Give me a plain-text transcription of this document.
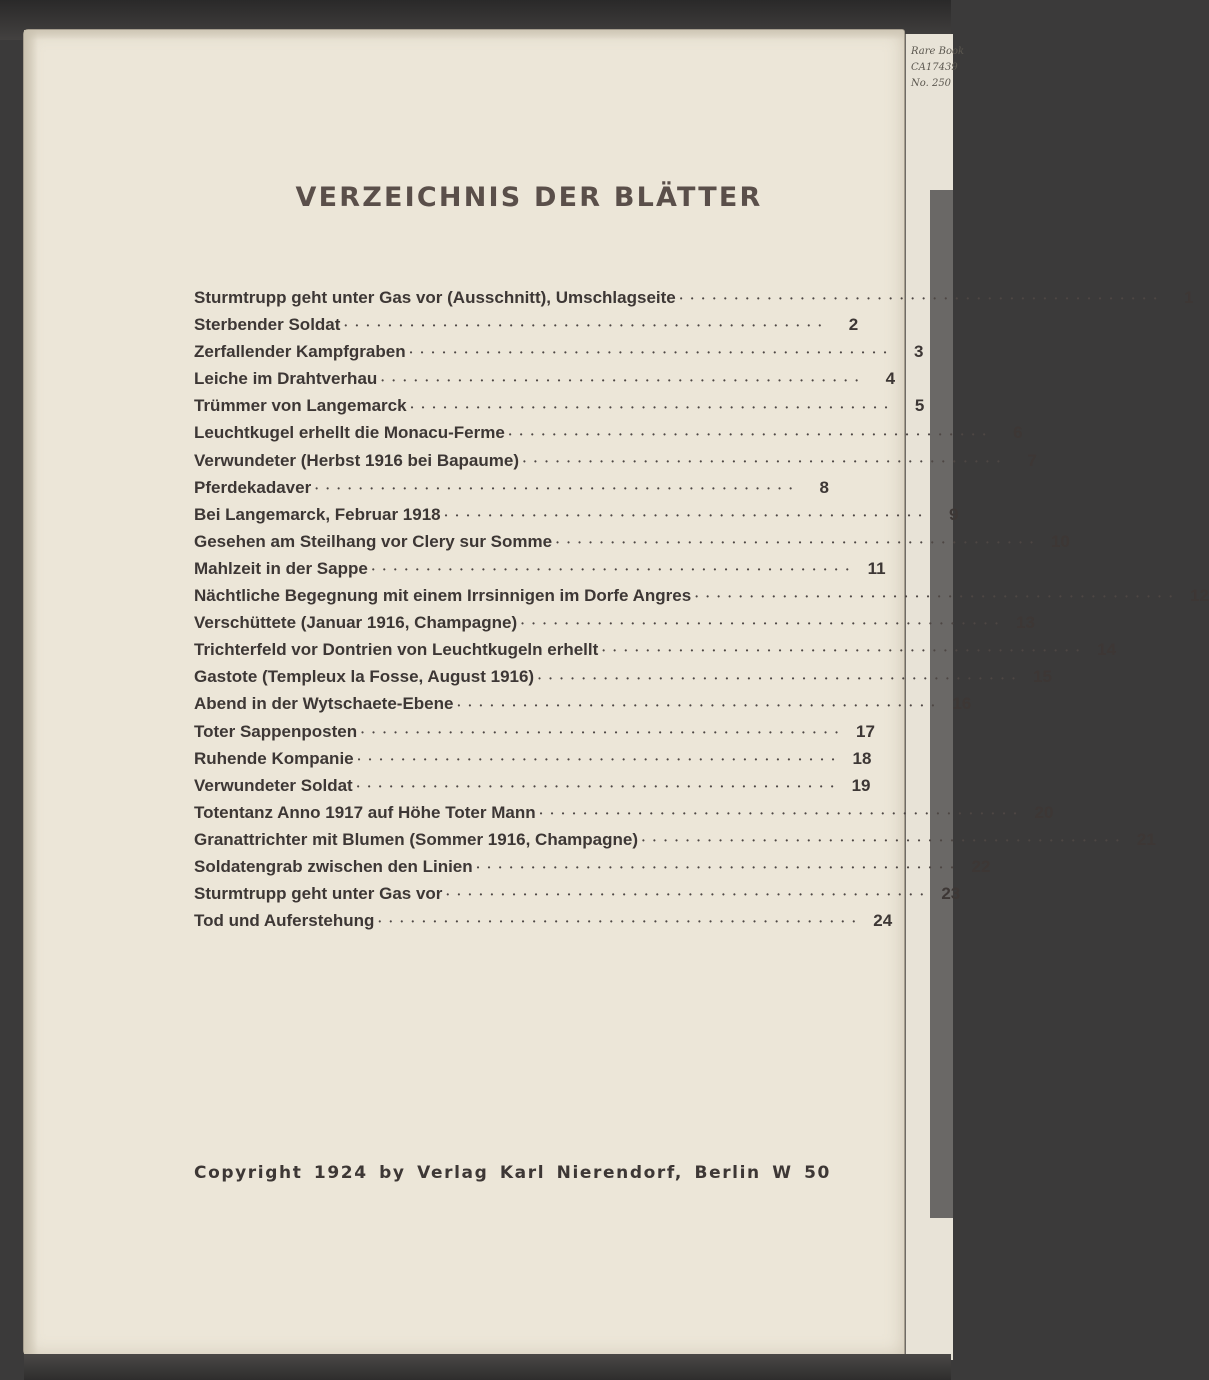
Rare Book
CA17439
No. 250
VERZEICHNIS DER BLÄTTER
Sturmtrupp geht unter Gas vor (Ausschnitt), Umschlagseite • • •	1
Sterbender Soldat • • •	2
Zerfallender Kampfgraben • • •	3
Leiche im Drahtverhau • • •	4
Trümmer von Langemarck • • •	5
Leuchtkugel erhellt die Monacu-Ferme • • •	6
Verwundeter (Herbst 1916 bei Bapaume) • • •	7
Pferdekadaver • • •	8
Bei Langemarck, Februar 1918 • • •	9
Gesehen am Steilhang vor Clery sur Somme • • •	10
Mahlzeit in der Sappe • • •	11
Nächtliche Begegnung mit einem Irrsinnigen im Dorfe Angres • • •	12
Verschüttete (Januar 1916, Champagne) • • •	13
Trichterfeld vor Dontrien von Leuchtkugeln erhellt • • •	14
Gastote (Templeux la Fosse, August 1916) • • •	15
Abend in der Wytschaete-Ebene • • •	16
Toter Sappenposten • • •	17
Ruhende Kompanie • • •	18
Verwundeter Soldat • • •	19
Totentanz Anno 1917 auf Höhe Toter Mann • • •	20
Granattrichter mit Blumen (Sommer 1916, Champagne) • • •	21
Soldatengrab zwischen den Linien • • •	22
Sturmtrupp geht unter Gas vor • • •	23
Tod und Auferstehung • • •	24

Copyright 1924 by Verlag Karl Nierendorf, Berlin W 50
